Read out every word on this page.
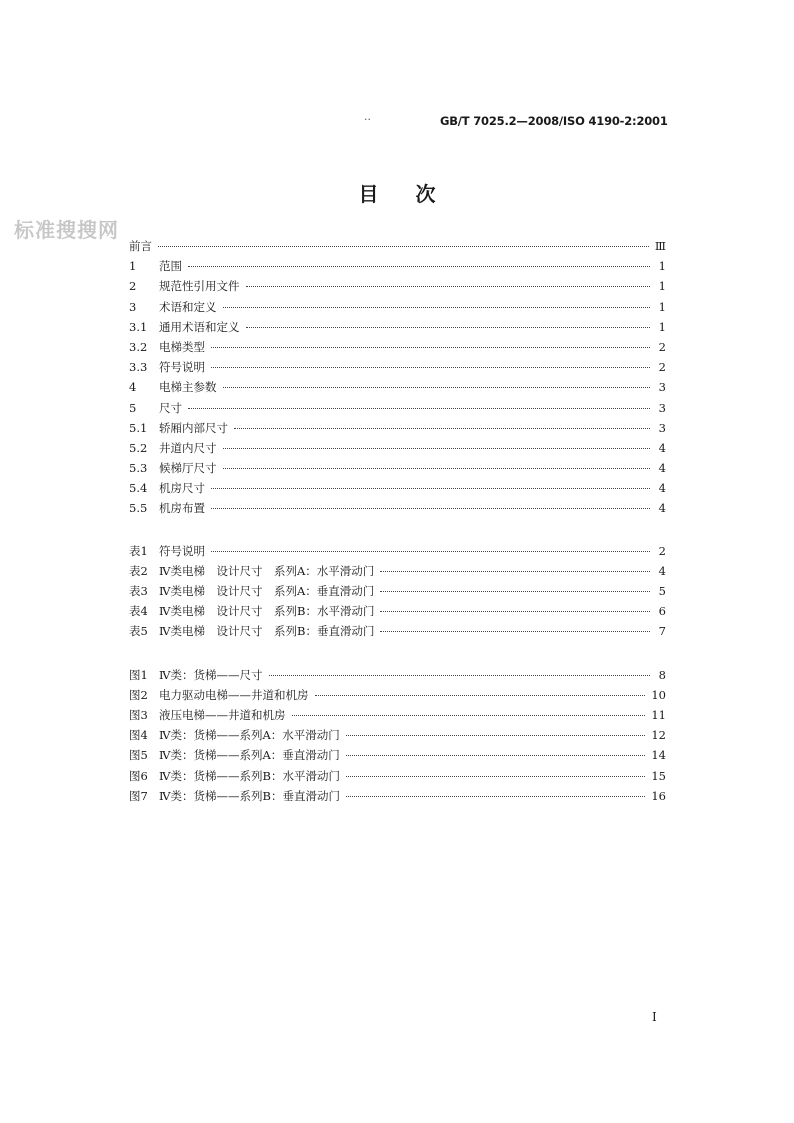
··	GB/T 7025.2—2008/ISO 4190-2:2001
标准搜搜网
目 次
前言	Ⅲ
1	范围	1
2	规范性引用文件	1
3	术语和定义	1
3.1	通用术语和定义	1
3.2	电梯类型	2
3.3	符号说明	2
4	电梯主参数	3
5	尺寸	3
5.1	轿厢内部尺寸	3
5.2	井道内尺寸	4
5.3	候梯厅尺寸	4
5.4	机房尺寸	4
5.5	机房布置	4
表1 符号说明	2
表2 Ⅳ类电梯　设计尺寸　系列A：水平滑动门	4
表3 Ⅳ类电梯　设计尺寸　系列A：垂直滑动门	5
表4 Ⅳ类电梯　设计尺寸　系列B：水平滑动门	6
表5 Ⅳ类电梯　设计尺寸　系列B：垂直滑动门	7
图1 Ⅳ类：货梯——尺寸	8
图2 电力驱动电梯——井道和机房	10
图3 液压电梯——井道和机房	11
图4 Ⅳ类：货梯——系列A：水平滑动门	12
图5 Ⅳ类：货梯——系列A：垂直滑动门	14
图6 Ⅳ类：货梯——系列B：水平滑动门	15
图7 Ⅳ类：货梯——系列B：垂直滑动门	16
Ⅰ
